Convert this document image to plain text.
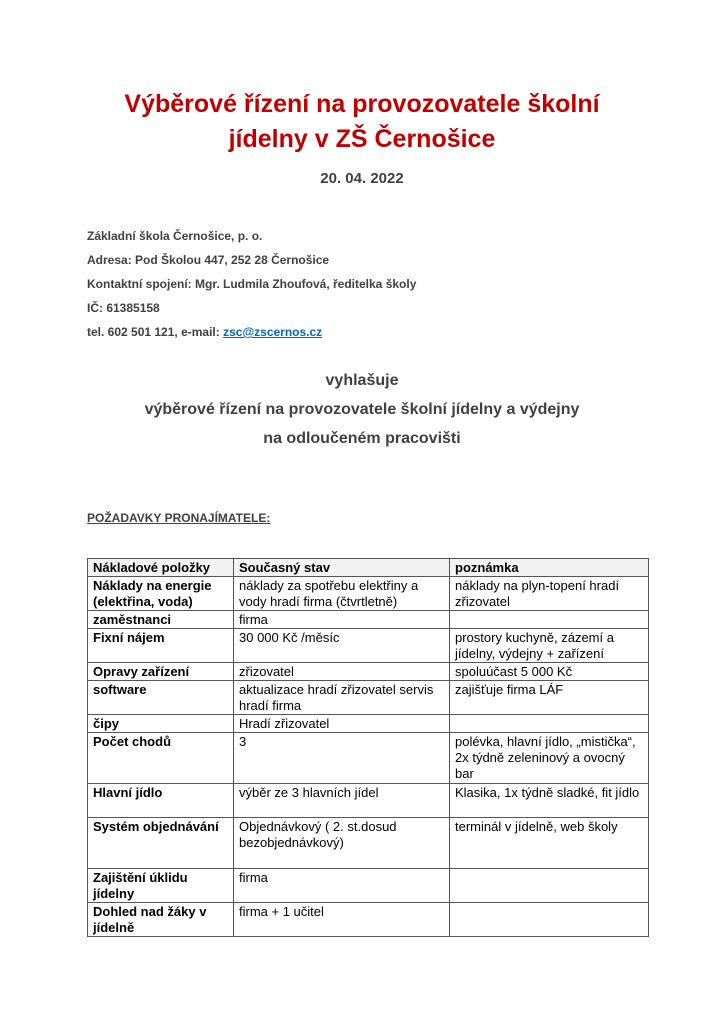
Výběrové řízení na provozovatele školní
jídelny v ZŠ Černošice
20. 04. 2022
Základní škola Černošice, p. o.
Adresa: Pod Školou 447, 252 28 Černošice
Kontaktní spojení: Mgr. Ludmila Zhoufová, ředitelka školy
IČ: 61385158
tel. 602 501 121, e-mail: zsc@zscernos.cz
vyhlašuje
výběrové řízení na provozovatele školní jídelny a výdejny
na odloučeném pracovišti
POŽADAVKY PRONAJÍMATELE:
Nákladové položky	Současný stav	poznámka
Náklady na energie (elektřina, voda)	náklady za spotřebu elektřiny a vody hradí firma (čtvrtletně)	náklady na plyn-topení hradí zřizovatel
zaměstnanci	firma	
Fixní nájem	30 000 Kč /měsíc	prostory kuchyně, zázemí a jídelny, výdejny + zařízení
Opravy zařízení	zřizovatel	spoluúčast 5 000 Kč
software	aktualizace hradí zřizovatel servis hradí firma	zajišťuje firma LÁF
čipy	Hradí zřizovatel	
Počet chodů	3	polévka, hlavní jídlo, „mistička“, 2x týdně zeleninový a ovocný bar
Hlavní jídlo	výběr ze 3 hlavních jídel	Klasika, 1x týdně sladké, fit jídlo
Systém objednávání	Objednávkový ( 2. st.dosud bezobjednávkový)	terminál v jídelně, web školy
Zajištění úklidu jídelny	firma	
Dohled nad žáky v jídelně	firma + 1 učitel	
